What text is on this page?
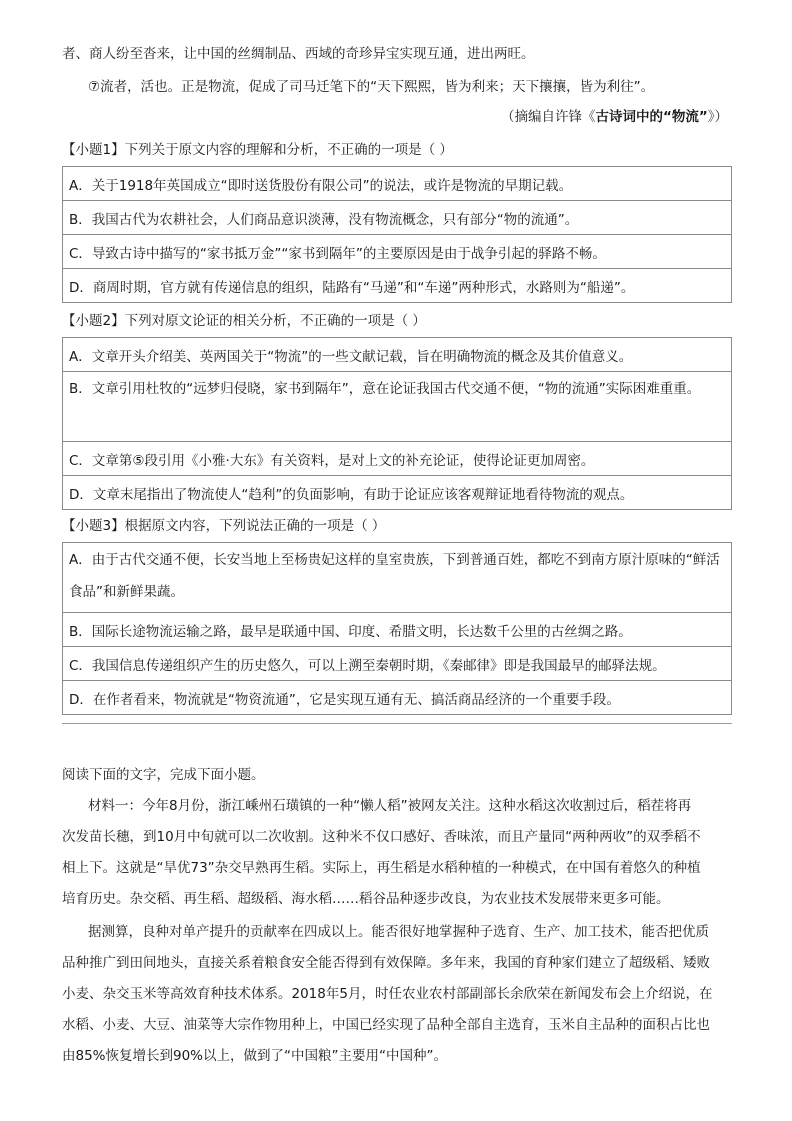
者、商人纷至沓来，让中国的丝绸制品、西域的奇珍异宝实现互通，进出两旺。
⑦流者，活也。正是物流，促成了司马迁笔下的“天下熙熙，皆为利来；天下攘攘，皆为利往”。
（摘编自许锋《古诗词中的“物流”》）
【小题1】下列关于原文内容的理解和分析，不正确的一项是（ ）
A．关于1918年英国成立“即时送货股份有限公司”的说法，或许是物流的早期记载。
B．我国古代为农耕社会，人们商品意识淡薄，没有物流概念，只有部分“物的流通”。
C．导致古诗中描写的“家书抵万金”“家书到隔年”的主要原因是由于战争引起的驿路不畅。
D．商周时期，官方就有传递信息的组织，陆路有“马递”和“车递”两种形式，水路则为“船递”。
【小题2】下列对原文论证的相关分析，不正确的一项是（ ）
A．文章开头介绍美、英两国关于“物流”的一些文献记载，旨在明确物流的概念及其价值意义。
B．文章引用杜牧的“远梦归侵晓，家书到隔年”，意在论证我国古代交通不便，“物的流通”实际困难重重。
C．文章第⑤段引用《小雅·大东》有关资料，是对上文的补充论证，使得论证更加周密。
D．文章末尾指出了物流使人“趋利”的负面影响，有助于论证应该客观辩证地看待物流的观点。
【小题3】根据原文内容，下列说法正确的一项是（ ）
A．由于古代交通不便，长安当地上至杨贵妃这样的皇室贵族，下到普通百姓，都吃不到南方原汁原味的“鲜活食品”和新鲜果蔬。
B．国际长途物流运输之路，最早是联通中国、印度、希腊文明，长达数千公里的古丝绸之路。
C．我国信息传递组织产生的历史悠久，可以上溯至秦朝时期，《秦邮律》即是我国最早的邮驿法规。
D．在作者看来，物流就是“物资流通”，它是实现互通有无、搞活商品经济的一个重要手段。
阅读下面的文字，完成下面小题。
材料一：今年8月份，浙江嵊州石璜镇的一种“懒人稻”被网友关注。这种水稻这次收割过后，稻茬将再
次发苗长穗，到10月中旬就可以二次收割。这种米不仅口感好、香味浓，而且产量同“两种两收”的双季稻不
相上下。这就是“旱优73”杂交早熟再生稻。实际上，再生稻是水稻种植的一种模式，在中国有着悠久的种植
培育历史。杂交稻、再生稻、超级稻、海水稻……稻谷品种逐步改良，为农业技术发展带来更多可能。
据测算，良种对单产提升的贡献率在四成以上。能否很好地掌握种子选育、生产、加工技术，能否把优质
品种推广到田间地头，直接关系着粮食安全能否得到有效保障。多年来，我国的育种家们建立了超级稻、矮败
小麦、杂交玉米等高效育种技术体系。2018年5月，时任农业农村部副部长余欣荣在新闻发布会上介绍说，在
水稻、小麦、大豆、油菜等大宗作物用种上，中国已经实现了品种全部自主选育，玉米自主品种的面积占比也
由85%恢复增长到90%以上，做到了“中国粮”主要用“中国种”。
